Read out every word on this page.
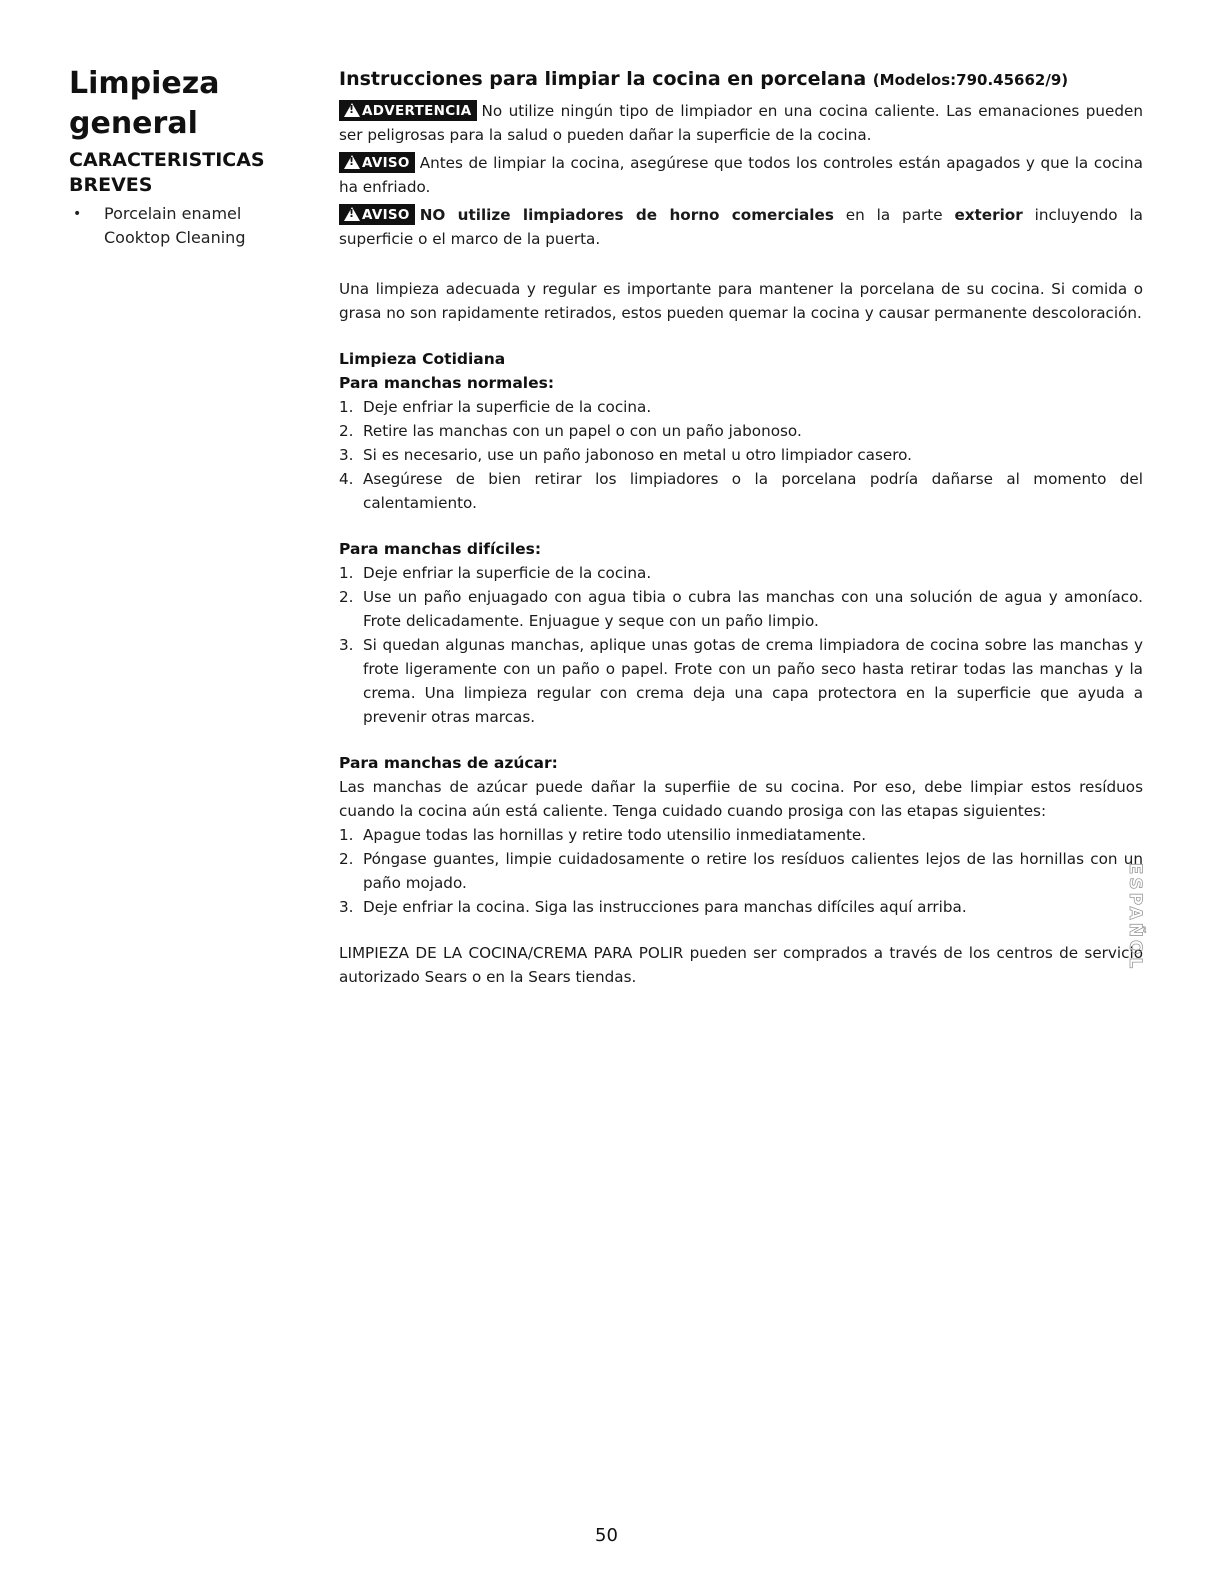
Limpieza
general
CARACTERISTICAS
BREVES
• Porcelain enamel
Cooktop Cleaning
Instrucciones para limpiar la cocina en porcelana (Modelos:790.45662/9)

!ADVERTENCIA No utilize ningún tipo de limpiador en una cocina caliente. Las emanaciones pueden ser peligrosas para la salud o pueden dañar la superficie de la cocina.

!AVISO Antes de limpiar la cocina, asegúrese que todos los controles están apagados y que la cocina ha enfriado.

!AVISO NO utilize limpiadores de horno comerciales en la parte exterior incluyendo la superficie o el marco de la puerta.

Una limpieza adecuada y regular es importante para mantener la porcelana de su cocina. Si comida o grasa no son rapidamente retirados, estos pueden quemar la cocina y causar permanente descoloración.

Limpieza Cotidiana
Para manchas normales:
1. Deje enfriar la superficie de la cocina.
2. Retire las manchas con un papel o con un paño jabonoso.
3. Si es necesario, use un paño jabonoso en metal u otro limpiador casero.
4. Asegúrese de bien retirar los limpiadores o la porcelana podría dañarse al momento del calentamiento.
Para manchas difíciles:
1. Deje enfriar la superficie de la cocina.
2. Use un paño enjuagado con agua tibia o cubra las manchas con una solución de agua y amoníaco. Frote delicadamente. Enjuague y seque con un paño limpio.
3. Si quedan algunas manchas, aplique unas gotas de crema limpiadora de cocina sobre las manchas y frote ligeramente con un paño o papel. Frote con un paño seco hasta retirar todas las manchas y la crema. Una limpieza regular con crema deja una capa protectora en la superficie que ayuda a prevenir otras marcas.
Para manchas de azúcar:

Las manchas de azúcar puede dañar la superfiie de su cocina. Por eso, debe limpiar estos resíduos cuando la cocina aún está caliente. Tenga cuidado cuando prosiga con las etapas siguientes:

1. Apague todas las hornillas y retire todo utensilio inmediatamente.
2. Póngase guantes, limpie cuidadosamente o retire los resíduos calientes lejos de las hornillas con un paño mojado.
3. Deje enfriar la cocina. Siga las instrucciones para manchas difíciles aquí arriba.

LIMPIEZA DE LA COCINA/CREMA PARA POLIR pueden ser comprados a través de los centros de servicio autorizado Sears o en la Sears tiendas.

ESPAÑOL
50
